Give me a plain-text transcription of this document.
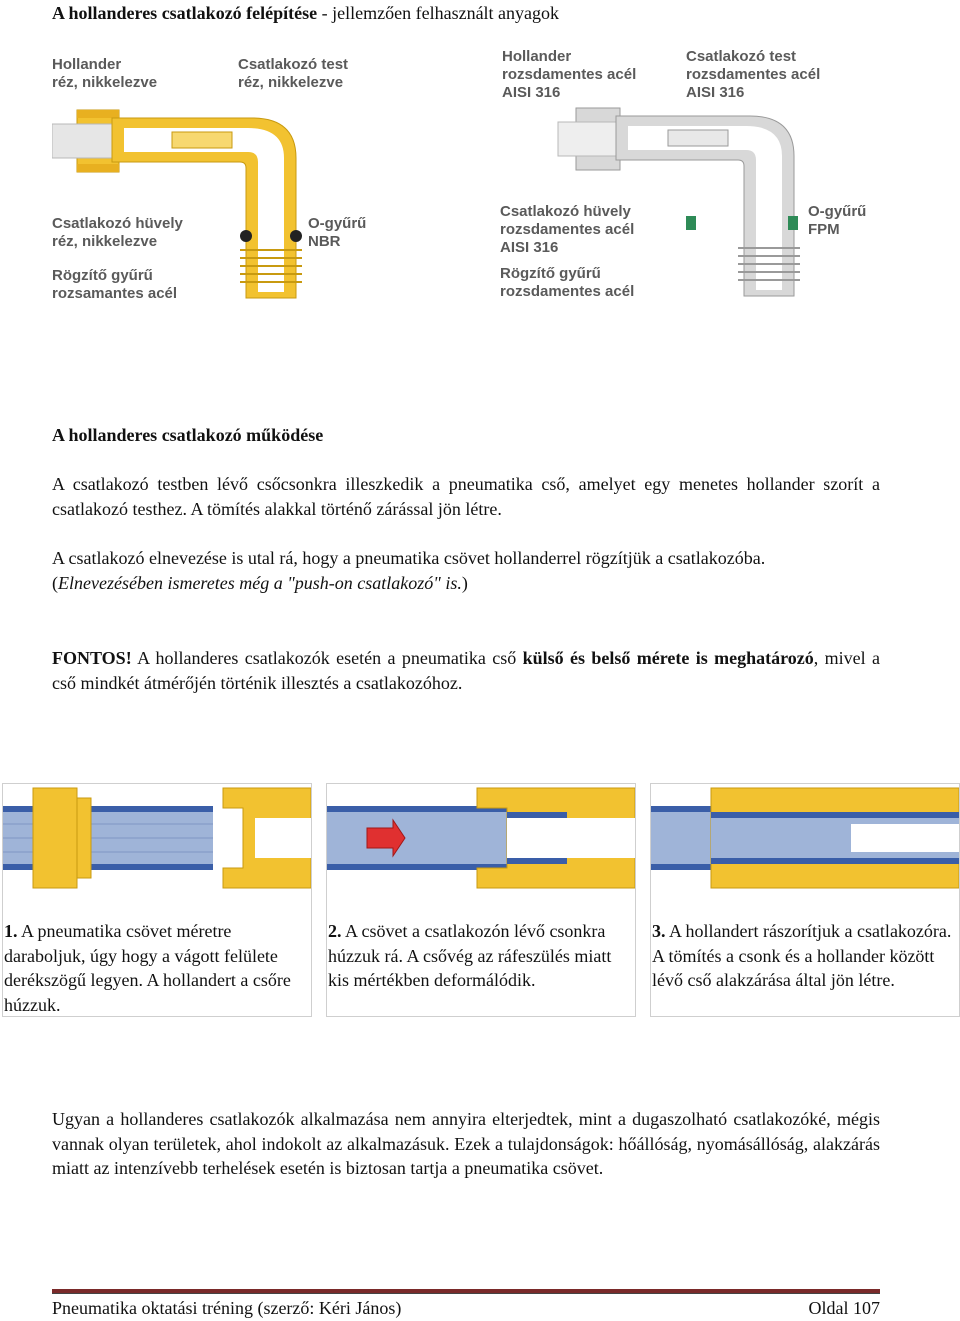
A hollanderes csatlakozó felépítése - jellemzően felhasznált anyagok
Hollander
réz, nikkelezve
Csatlakozó test
réz, nikkelezve
Csatlakozó hüvely
réz, nikkelezve
O-gyűrű
NBR
Rögzítő gyűrű
rozsamantes acél
Hollander
rozsdamentes acél
AISI 316
Csatlakozó test
rozsdamentes acél
AISI 316
Csatlakozó hüvely
rozsdamentes acél
AISI 316
O-gyűrű
FPM
Rögzítő gyűrű
rozsdamentes acél
A hollanderes csatlakozó működése
A csatlakozó testben lévő csőcsonkra illeszkedik a pneumatika cső, amelyet egy menetes hollander szorít a csatlakozó testhez. A tömítés alakkal történő zárással jön létre.
A csatlakozó elnevezése is utal rá, hogy a pneumatika csövet hollanderrel rögzítjük a csatlakozóba.
(Elnevezésében ismeretes még a "push-on csatlakozó" is.)
FONTOS! A hollanderes csatlakozók esetén a pneumatika cső külső és belső mérete is meghatározó, mivel a cső mindkét átmérőjén történik illesztés a csatlakozóhoz.
1. A pneumatika csövet méretre daraboljuk, úgy hogy a vágott felülete derékszögű legyen. A hollandert a csőre húzzuk.
2. A csövet a csatlakozón lévő csonkra húzzuk rá. A csővég az ráfeszülés miatt kis mértékben deformálódik.
3. A hollandert rászorítjuk a csatlakozóra. A tömítés a csonk és a hollander között lévő cső alakzárása által jön létre.
Ugyan a hollanderes csatlakozók alkalmazása nem annyira elterjedtek, mint a dugaszolható csatlakozóké, mégis vannak olyan területek, ahol indokolt az alkalmazásuk. Ezek a tulajdonságok: hőállóság, nyomásállóság, alakzárás miatt az intenzívebb terhelések esetén is biztosan tartja a pneumatika csövet.
Pneumatika oktatási tréning (szerző: Kéri János)	Oldal 107
